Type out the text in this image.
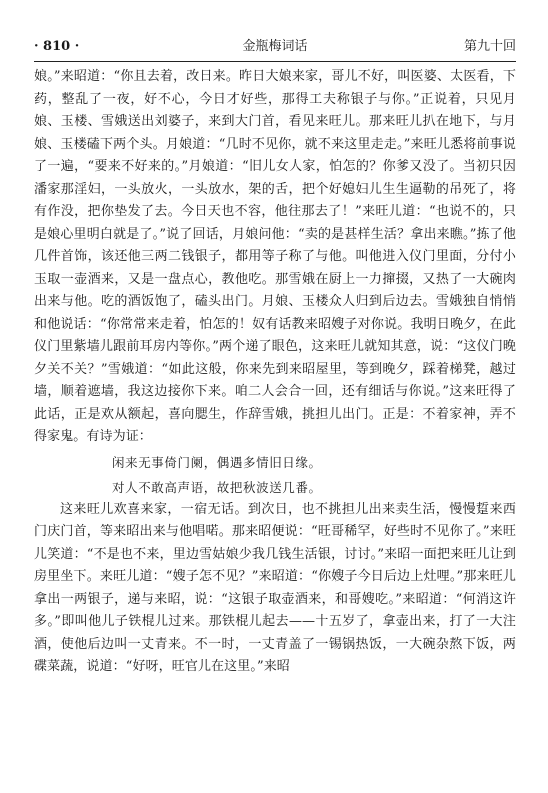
· 810 ·	金瓶梅词话	第九十回

娘。”来昭道：“你且去着，改日来。昨日大娘来家，哥儿不好，叫医婆、太医看，下药，整乱了一夜，好不心，今日才好些，那得工夫称银子与你。”正说着，只见月娘、玉楼、雪娥送出刘婆子，来到大门首，看见来旺儿。那来旺儿扒在地下，与月娘、玉楼磕下两个头。月娘道：“几时不见你，就不来这里走走。”来旺儿悉将前事说了一遍，“要来不好来的。”月娘道：“旧儿女人家，怕怎的？你爹又没了。当初只因潘家那淫妇，一头放火，一头放水，架的舌，把个好媳妇儿生生逼勒的吊死了，将有作没，把你垫发了去。今日天也不容，他往那去了！”来旺儿道：“也说不的，只是娘心里明白就是了。”说了回话，月娘问他：“卖的是甚样生活？拿出来瞧。”拣了他几件首饰，该还他三两二钱银子，都用等子称了与他。叫他进入仪门里面，分付小玉取一壶酒来，又是一盘点心，教他吃。那雪娥在厨上一力撺掇，又热了一大碗肉出来与他。吃的酒饭饱了，磕头出门。月娘、玉楼众人归到后边去。雪娥独自悄悄和他说话：“你常常来走着，怕怎的！奴有话教来昭嫂子对你说。我明日晚夕，在此仪门里紫墙儿跟前耳房内等你。”两个递了眼色，这来旺儿就知其意，说：“这仪门晚夕关不关？”雪娥道：“如此这般，你来先到来昭屋里，等到晚夕，踩着梯凳，越过墙，顺着遮墙，我这边接你下来。咱二人会合一回，还有细话与你说。”这来旺得了此话，正是欢从额起，喜向腮生，作辞雪娥，挑担儿出门。正是：不着家神，弄不得家鬼。有诗为证：

闲来无事倚门阑，偶遇多情旧日缘。
对人不敢高声语，故把秋波送几番。

这来旺儿欢喜来家，一宿无话。到次日，也不挑担儿出来卖生活，慢慢踅来西门庆门首，等来昭出来与他唱喏。那来昭便说：“旺哥稀罕，好些时不见你了。”来旺儿笑道：“不是也不来，里边雪姑娘少我几钱生活银，讨讨。”来昭一面把来旺儿让到房里坐下。来旺儿道：“嫂子怎不见？”来昭道：“你嫂子今日后边上灶哩。”那来旺儿拿出一两银子，递与来昭，说：“这银子取壶酒来，和哥嫂吃。”来昭道：“何消这许多。”即叫他儿子铁棍儿过来。那铁棍儿起去——十五岁了，拿壶出来，打了一大注酒，使他后边叫一丈青来。不一时，一丈青盖了一锡锅热饭，一大碗杂熬下饭，两碟菜蔬，说道：“好呀，旺官儿在这里。”来昭
